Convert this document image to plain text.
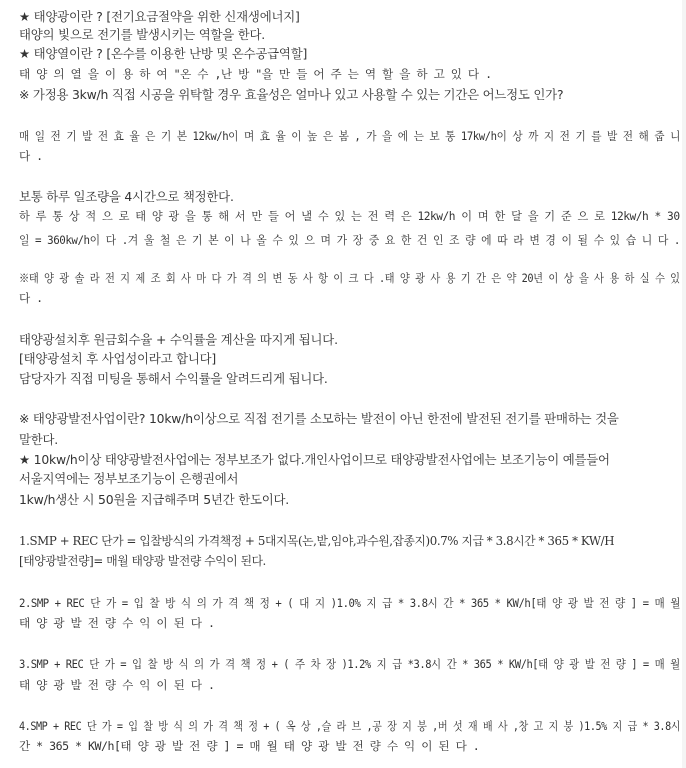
★ 태양광이란 ? [전기요금절약을 위한 신재생에너지]
태양의 빛으로 전기를 발생시키는 역할을 한다.
★ 태양열이란 ? [온수를 이용한 난방 및 온수공급역할]
태 양 의 열 을 이 용 하 여 "온 수 ,난 방 "을 만 들 어 주 는 역 할 을 하 고 있 다 .
※ 가정용 3kw/h 직접 시공을 위탁할 경우 효율성은 얼마나 있고 사용할 수 있는 기간은 어느정도 인가?
매 일 전 기 발 전 효 율 은 기 본 12kw/h이 며 효 율 이 높 은 봄 , 가 을 에 는 보 통 17kw/h이 상 까 지 전 기 를 발 전 해 줍 니
다 .
보통 하루 일조량을 4시간으로 책정한다.
하 루 통 상 적 으 로 태 양 광 을 통 해 서 만 들 어 낼 수 있 는 전 력 은 12kw/h 이 며 한 달 을 기 준 으 로 12kw/h * 30
일 = 360kw/h이 다 .겨 울 철 은 기 본 이 나 올 수 있 으 며 가 장 중 요 한 건 인 조 량 에 따 라 변 경 이 될 수 있 습 니 다 .
※태 양 광 솔 라 전 지 제 조 회 사 마 다 가 격 의 변 동 사 항 이 크 다 .태 양 광 사 용 기 간 은 약 20년 이 상 을 사 용 하 실 수 있
다 .
태양광설치후 원금회수율 + 수익률을 계산을 따지게 됩니다.
[태양광설치 후 사업성이라고 합니다]
담당자가 직접 미팅을 통해서 수익률을 알려드리게 됩니다.
※ 태양광발전사업이란? 10kw/h이상으로 직접 전기를 소모하는 발전이 아닌 한전에 발전된 전기를 판매하는 것을
말한다.
★ 10kw/h이상 태양광발전사업에는 정부보조가 없다.개인사업이므로 태양광발전사업에는 보조기능이 예를들어
서울지역에는 정부보조기능이 은행권에서
1kw/h생산 시 50원을 지급해주며 5년간 한도이다.
1.SMP + REC 단가 = 입찰방식의 가격책정 + 5대지목(논,밭,임야,과수원,잡종지)0.7% 지급 * 3.8시간 * 365 * KW/H
[태양광발전량]= 매월 태양광 발전량 수익이 된다.
2.SMP + REC 단 가 = 입 찰 방 식 의 가 격 책 정 + ( 대 지 )1.0% 지 급 * 3.8시 간 * 365 * KW/h[태 양 광 발 전 량 ] = 매 월
태 양 광 발 전 량 수 익 이 된 다 .
3.SMP + REC 단 가 = 입 찰 방 식 의 가 격 책 정 + ( 주 차 장 )1.2% 지 급 *3.8시 간 * 365 * KW/h[태 양 광 발 전 량 ] = 매 월
태 양 광 발 전 량 수 익 이 된 다 .
4.SMP + REC 단 가 = 입 찰 방 식 의 가 격 책 정 + ( 옥 상 ,슬 라 브 ,공 장 지 붕 ,버 섯 재 배 사 ,창 고 지 붕 )1.5% 지 급 * 3.8시
간 * 365 * KW/h[태 양 광 발 전 량 ] = 매 월 태 양 광 발 전 량 수 익 이 된 다 .
